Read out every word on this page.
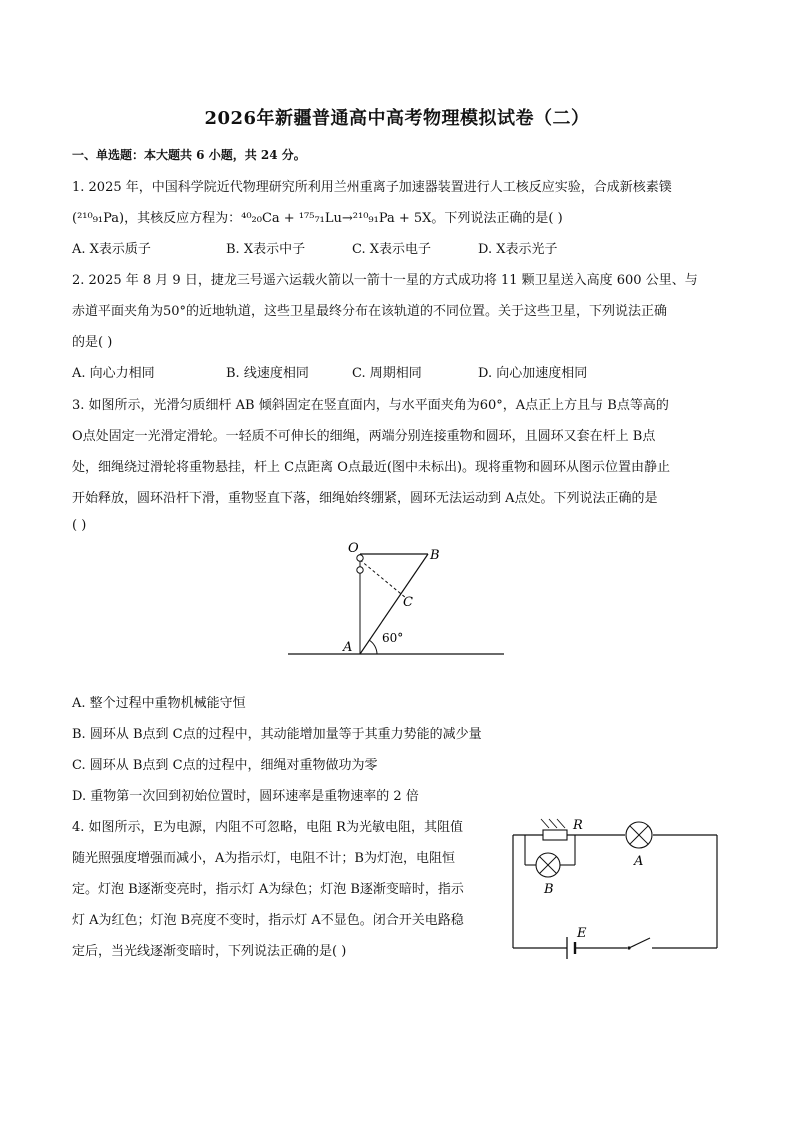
2026年新疆普通高中高考物理模拟试卷（二）
一、单选题：本大题共 6 小题，共 24 分。
1. 2025 年，中国科学院近代物理研究所利用兰州重离子加速器装置进行人工核反应实验，合成新核素镤
(²¹⁰₉₁Pa)，其核反应方程为：⁴⁰₂₀Ca + ¹⁷⁵₇₁Lu→²¹⁰₉₁Pa + 5X。下列说法正确的是( )
A. X表示质子	B. X表示中子	C. X表示电子	D. X表示光子
2. 2025 年 8 月 9 日，捷龙三号遥六运载火箭以一箭十一星的方式成功将 11 颗卫星送入高度 600 公里、与
赤道平面夹角为50°的近地轨道，这些卫星最终分布在该轨道的不同位置。关于这些卫星，下列说法正确
的是( )
A. 向心力相同	B. 线速度相同	C. 周期相同	D. 向心加速度相同
3. 如图所示，光滑匀质细杆 AB 倾斜固定在竖直面内，与水平面夹角为60°，A点正上方且与 B点等高的
O点处固定一光滑定滑轮。一轻质不可伸长的细绳，两端分别连接重物和圆环，且圆环又套在杆上 B点
处，细绳绕过滑轮将重物悬挂，杆上 C点距离 O点最近(图中未标出)。现将重物和圆环从图示位置由静止
开始释放，圆环沿杆下滑，重物竖直下落，细绳始终绷紧，圆环无法运动到 A点处。下列说法正确的是
( )
O	B
C
A
60°
A. 整个过程中重物机械能守恒
B. 圆环从 B点到 C点的过程中，其动能增加量等于其重力势能的减少量
C. 圆环从 B点到 C点的过程中，细绳对重物做功为零
D. 重物第一次回到初始位置时，圆环速率是重物速率的 2 倍
4. 如图所示，E为电源，内阻不可忽略，电阻 R为光敏电阻，其阻值
随光照强度增强而减小，A为指示灯，电阻不计；B为灯泡，电阻恒
定。灯泡 B逐渐变亮时，指示灯 A为绿色；灯泡 B逐渐变暗时，指示
灯 A为红色；灯泡 B亮度不变时，指示灯 A不显色。闭合开关电路稳
定后，当光线逐渐变暗时，下列说法正确的是( )
R
A
B
E
